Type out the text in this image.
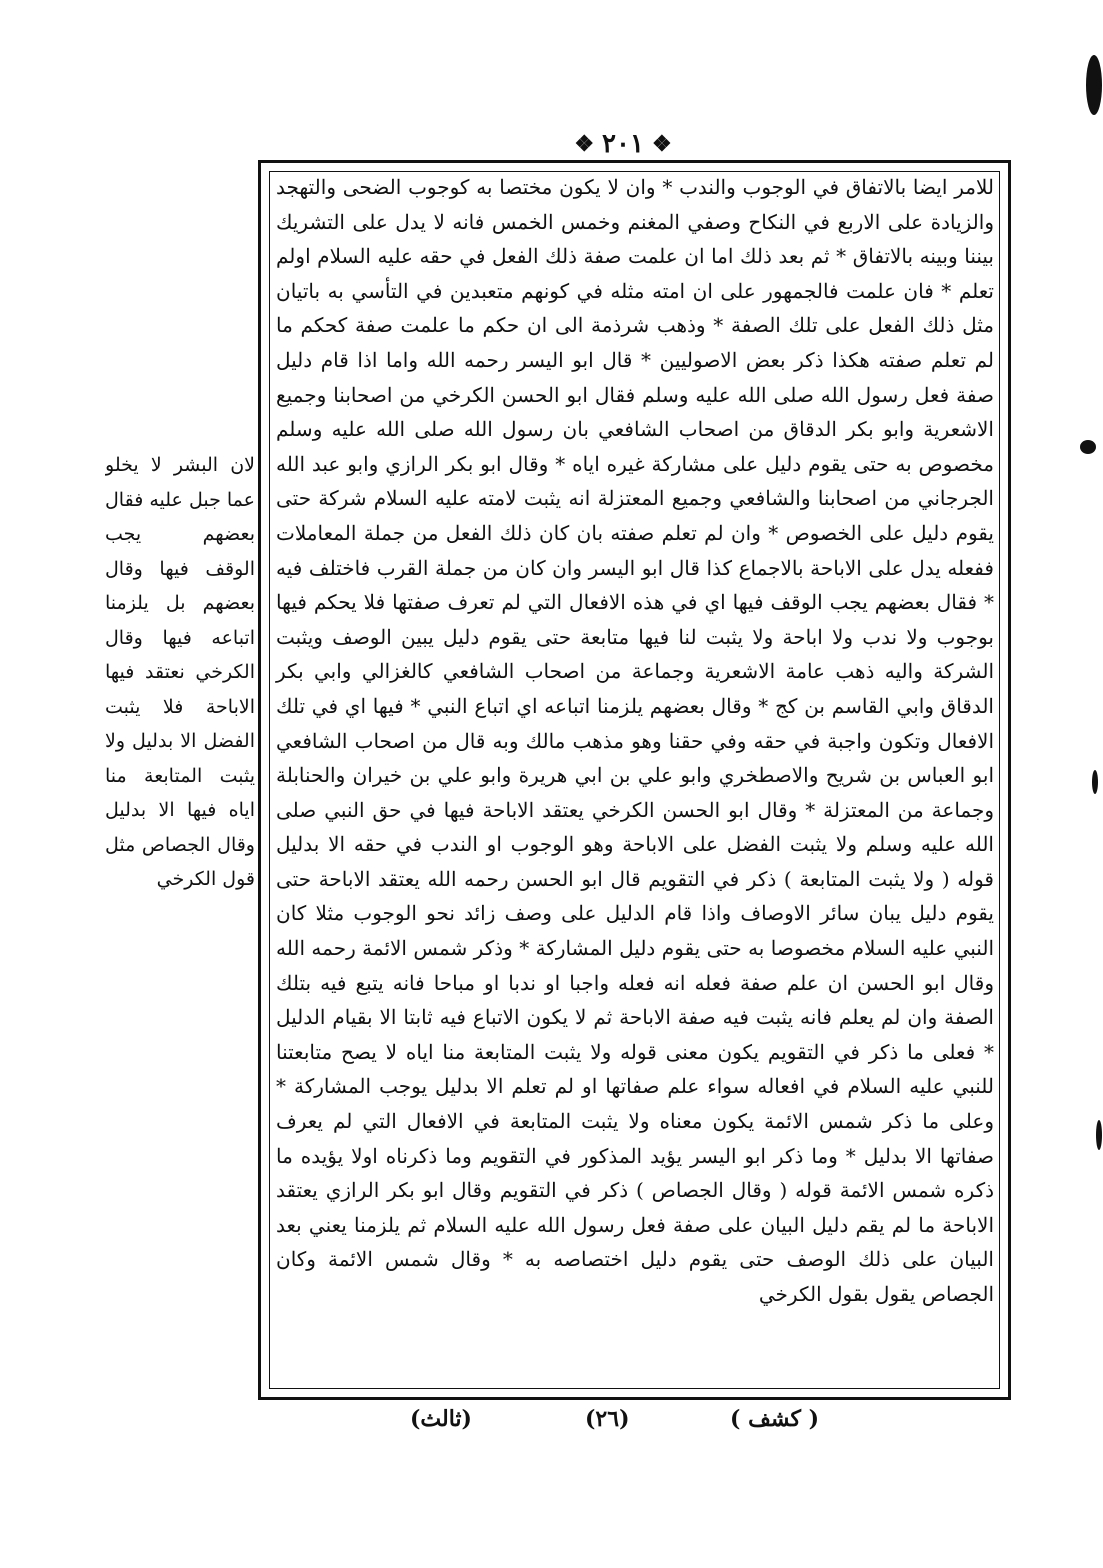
❖
٢٠١
❖

للامر ايضا بالاتفاق في الوجوب والندب * وان لا يكون مختصا به كوجوب الضحى والتهجد والزيادة على الاربع في النكاح وصفي المغنم وخمس الخمس فانه لا يدل على التشريك بيننا وبينه بالاتفاق * ثم بعد ذلك اما ان علمت صفة ذلك الفعل في حقه عليه السلام اولم تعلم * فان علمت فالجمهور على ان امته مثله في كونهم متعبدين في التأسي به باتيان مثل ذلك الفعل على تلك الصفة * وذهب شرذمة الى ان حكم ما علمت صفة كحكم ما لم تعلم صفته هكذا ذكر بعض الاصوليين * قال ابو اليسر رحمه الله واما اذا قام دليل صفة فعل رسول الله صلى الله عليه وسلم فقال ابو الحسن الكرخي من اصحابنا وجميع الاشعرية وابو بكر الدقاق من اصحاب الشافعي بان رسول الله صلى الله عليه وسلم مخصوص به حتى يقوم دليل على مشاركة غيره اياه * وقال ابو بكر الرازي وابو عبد الله الجرجاني من اصحابنا والشافعي وجميع المعتزلة انه يثبت لامته عليه السلام شركة حتى يقوم دليل على الخصوص * وان لم تعلم صفته بان كان ذلك الفعل من جملة المعاملات ففعله يدل على الاباحة بالاجماع كذا قال ابو اليسر وان كان من جملة القرب فاختلف فيه * فقال بعضهم يجب الوقف فيها اي في هذه الافعال التي لم تعرف صفتها فلا يحكم فيها بوجوب ولا ندب ولا اباحة ولا يثبت لنا فيها متابعة حتى يقوم دليل يبين الوصف ويثبت الشركة واليه ذهب عامة الاشعرية وجماعة من اصحاب الشافعي كالغزالي وابي بكر الدقاق وابي القاسم بن كج * وقال بعضهم يلزمنا اتباعه اي اتباع النبي * فيها اي في تلك الافعال وتكون واجبة في حقه وفي حقنا وهو مذهب مالك وبه قال من اصحاب الشافعي ابو العباس بن شريح والاصطخري وابو علي بن ابي هريرة وابو علي بن خيران والحنابلة وجماعة من المعتزلة * وقال ابو الحسن الكرخي يعتقد الاباحة فيها في حق النبي صلى الله عليه وسلم ولا يثبت الفضل على الاباحة وهو الوجوب او الندب في حقه الا بدليل قوله ( ولا يثبت المتابعة ) ذكر في التقويم قال ابو الحسن رحمه الله يعتقد الاباحة حتى يقوم دليل يبان سائر الاوصاف واذا قام الدليل على وصف زائد نحو الوجوب مثلا كان النبي عليه السلام مخصوصا به حتى يقوم دليل المشاركة * وذكر شمس الائمة رحمه الله وقال ابو الحسن ان علم صفة فعله انه فعله واجبا او ندبا او مباحا فانه يتبع فيه بتلك الصفة وان لم يعلم فانه يثبت فيه صفة الاباحة ثم لا يكون الاتباع فيه ثابتا الا بقيام الدليل * فعلى ما ذكر في التقويم يكون معنى قوله ولا يثبت المتابعة منا اياه لا يصح متابعتنا للنبي عليه السلام في افعاله سواء علم صفاتها او لم تعلم الا بدليل يوجب المشاركة * وعلى ما ذكر شمس الائمة يكون معناه ولا يثبت المتابعة في الافعال التي لم يعرف صفاتها الا بدليل * وما ذكر ابو اليسر يؤيد المذكور في التقويم وما ذكرناه اولا يؤيده ما ذكره شمس الائمة قوله ( وقال الجصاص ) ذكر في التقويم وقال ابو بكر الرازي يعتقد الاباحة ما لم يقم دليل البيان على صفة فعل رسول الله عليه السلام ثم يلزمنا يعني بعد البيان على ذلك الوصف حتى يقوم دليل اختصاصه به * وقال شمس الائمة وكان الجصاص يقول بقول الكرخي

لان البشر لا يخلو عما جبل عليه فقال بعضهم يجب الوقف فيها وقال بعضهم بل يلزمنا اتباعه فيها وقال الكرخي نعتقد فيها الاباحة فلا يثبت الفضل الا بدليل ولا يثبت المتابعة منا اياه فيها الا بدليل وقال الجصاص مثل قول الكرخي

( كشف )
(٢٦)
(ثالث)
